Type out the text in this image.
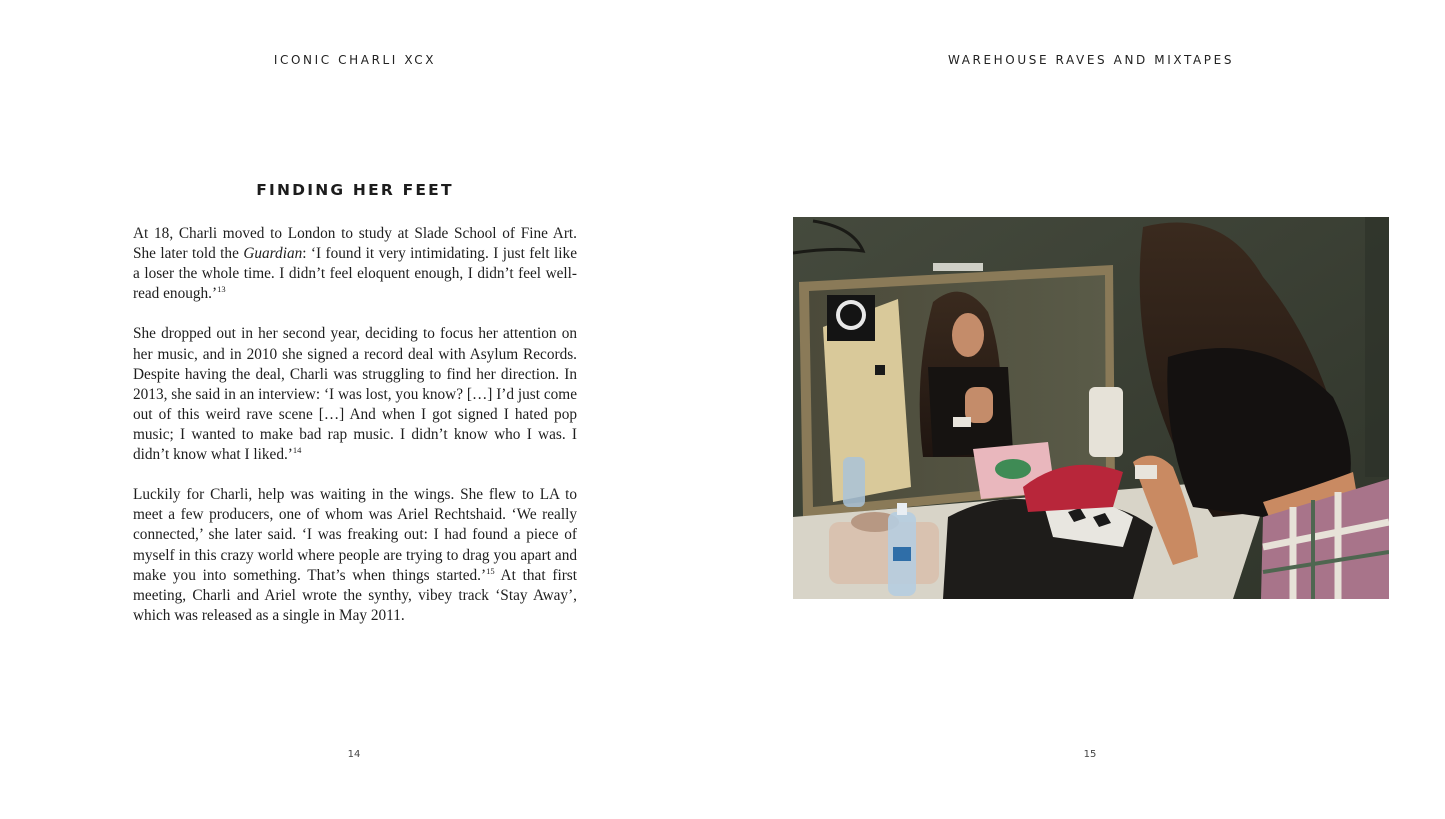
ICONIC CHARLI XCX
FINDING HER FEET

At 18, Charli moved to London to study at Slade School of Fine Art. She later told the Guardian: ‘I found it very intimidating. I just felt like a loser the whole time. I didn’t feel eloquent enough, I didn’t feel well-read enough.’$^{13}$

She dropped out in her second year, deciding to focus her attention on her music, and in 2010 she signed a record deal with Asylum Records. Despite having the deal, Charli was struggling to find her direction. In 2013, she said in an interview: ‘I was lost, you know? […] I’d just come out of this weird rave scene […] And when I got signed I hated pop music; I wanted to make bad rap music. I didn’t know who I was. I didn’t know what I liked.’$^{14}$

Luckily for Charli, help was waiting in the wings. She flew to LA to meet a few producers, one of whom was Ariel Rechtshaid. ‘We really connected,’ she later said. ‘I was freaking out: I had found a piece of myself in this crazy world where people are trying to drag you apart and make you into something. That’s when things started.’$^{15}$ At that first meeting, Charli and Ariel wrote the synthy, vibey track ‘Stay Away’, which was released as a single in May 2011.

14
WAREHOUSE RAVES AND MIXTAPES
15
